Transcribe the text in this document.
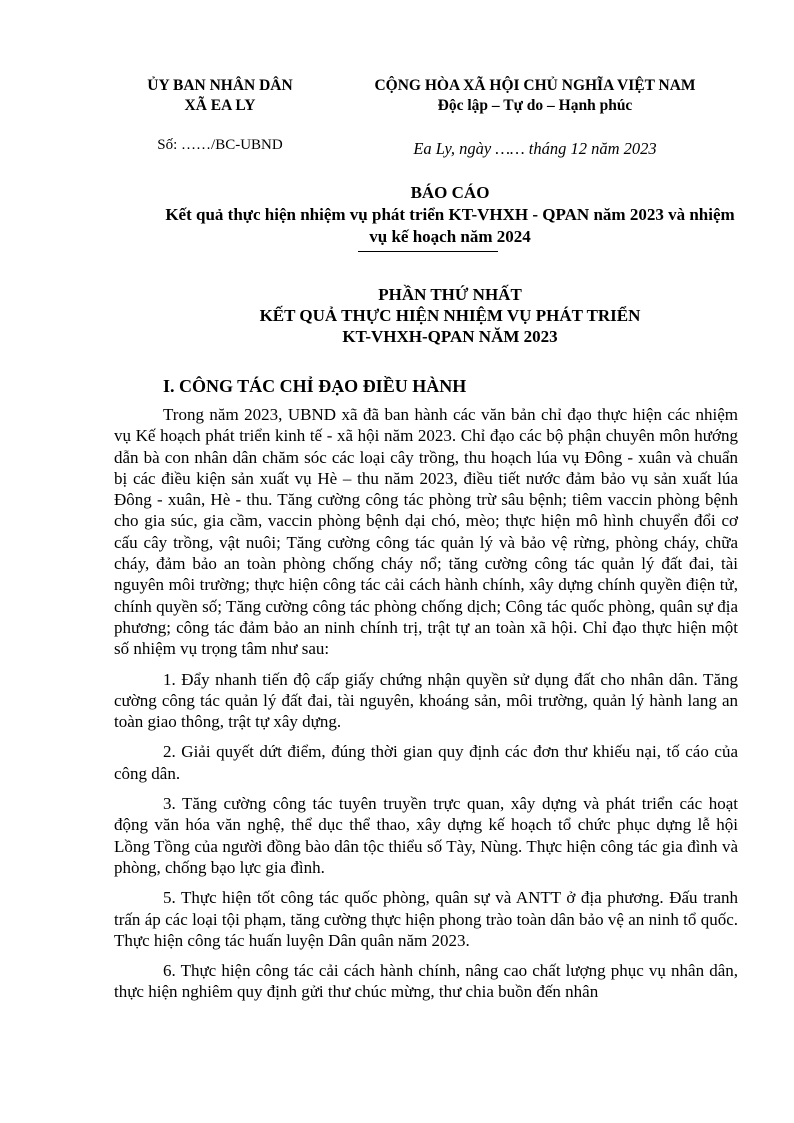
ỦY BAN NHÂN DÂN
XÃ EA LY
CỘNG HÒA XÃ HỘI CHỦ NGHĨA VIỆT NAM
Độc lập – Tự do – Hạnh phúc
Số: ……/BC-UBND	Ea Ly, ngày …… tháng 12 năm 2023
BÁO CÁO
Kết quả thực hiện nhiệm vụ phát triển KT-VHXH - QPAN năm 2023 và nhiệm vụ kế hoạch năm 2024
PHẦN THỨ NHẤT
KẾT QUẢ THỰC HIỆN NHIỆM VỤ PHÁT TRIỂN
KT-VHXH-QPAN NĂM 2023
I. CÔNG TÁC CHỈ ĐẠO ĐIỀU HÀNH

Trong năm 2023, UBND xã đã ban hành các văn bản chỉ đạo thực hiện các nhiệm vụ Kế hoạch phát triển kinh tế - xã hội năm 2023. Chỉ đạo các bộ phận chuyên môn hướng dẫn bà con nhân dân chăm sóc các loại cây trồng, thu hoạch lúa vụ Đông - xuân và chuẩn bị các điều kiện sản xuất vụ Hè – thu năm 2023, điều tiết nước đảm bảo vụ sản xuất lúa Đông - xuân, Hè - thu. Tăng cường công tác phòng trừ sâu bệnh; tiêm vaccin phòng bệnh cho gia súc, gia cầm, vaccin phòng bệnh dại chó, mèo; thực hiện mô hình chuyển đổi cơ cấu cây trồng, vật nuôi; Tăng cường công tác quản lý và bảo vệ rừng, phòng cháy, chữa cháy, đảm bảo an toàn phòng chống cháy nổ; tăng cường công tác quản lý đất đai, tài nguyên môi trường; thực hiện công tác cải cách hành chính, xây dựng chính quyền điện tử, chính quyền số; Tăng cường công tác phòng chống dịch; Công tác quốc phòng, quân sự địa phương; công tác đảm bảo an ninh chính trị, trật tự an toàn xã hội. Chỉ đạo thực hiện một số nhiệm vụ trọng tâm như sau:

1. Đẩy nhanh tiến độ cấp giấy chứng nhận quyền sử dụng đất cho nhân dân. Tăng cường công tác quản lý đất đai, tài nguyên, khoáng sản, môi trường, quản lý hành lang an toàn giao thông, trật tự xây dựng.

2. Giải quyết dứt điểm, đúng thời gian quy định các đơn thư khiếu nại, tố cáo của công dân.

3. Tăng cường công tác tuyên truyền trực quan, xây dựng và phát triển các hoạt động văn hóa văn nghệ, thể dục thể thao, xây dựng kế hoạch tổ chức phục dựng lễ hội Lồng Tồng của người đồng bào dân tộc thiểu số Tày, Nùng. Thực hiện công tác gia đình và phòng, chống bạo lực gia đình.

5. Thực hiện tốt công tác quốc phòng, quân sự và ANTT ở địa phương. Đấu tranh trấn áp các loại tội phạm, tăng cường thực hiện phong trào toàn dân bảo vệ an ninh tổ quốc. Thực hiện công tác huấn luyện Dân quân năm 2023.

6. Thực hiện công tác cải cách hành chính, nâng cao chất lượng phục vụ nhân dân, thực hiện nghiêm quy định gửi thư chúc mừng, thư chia buồn đến nhân
